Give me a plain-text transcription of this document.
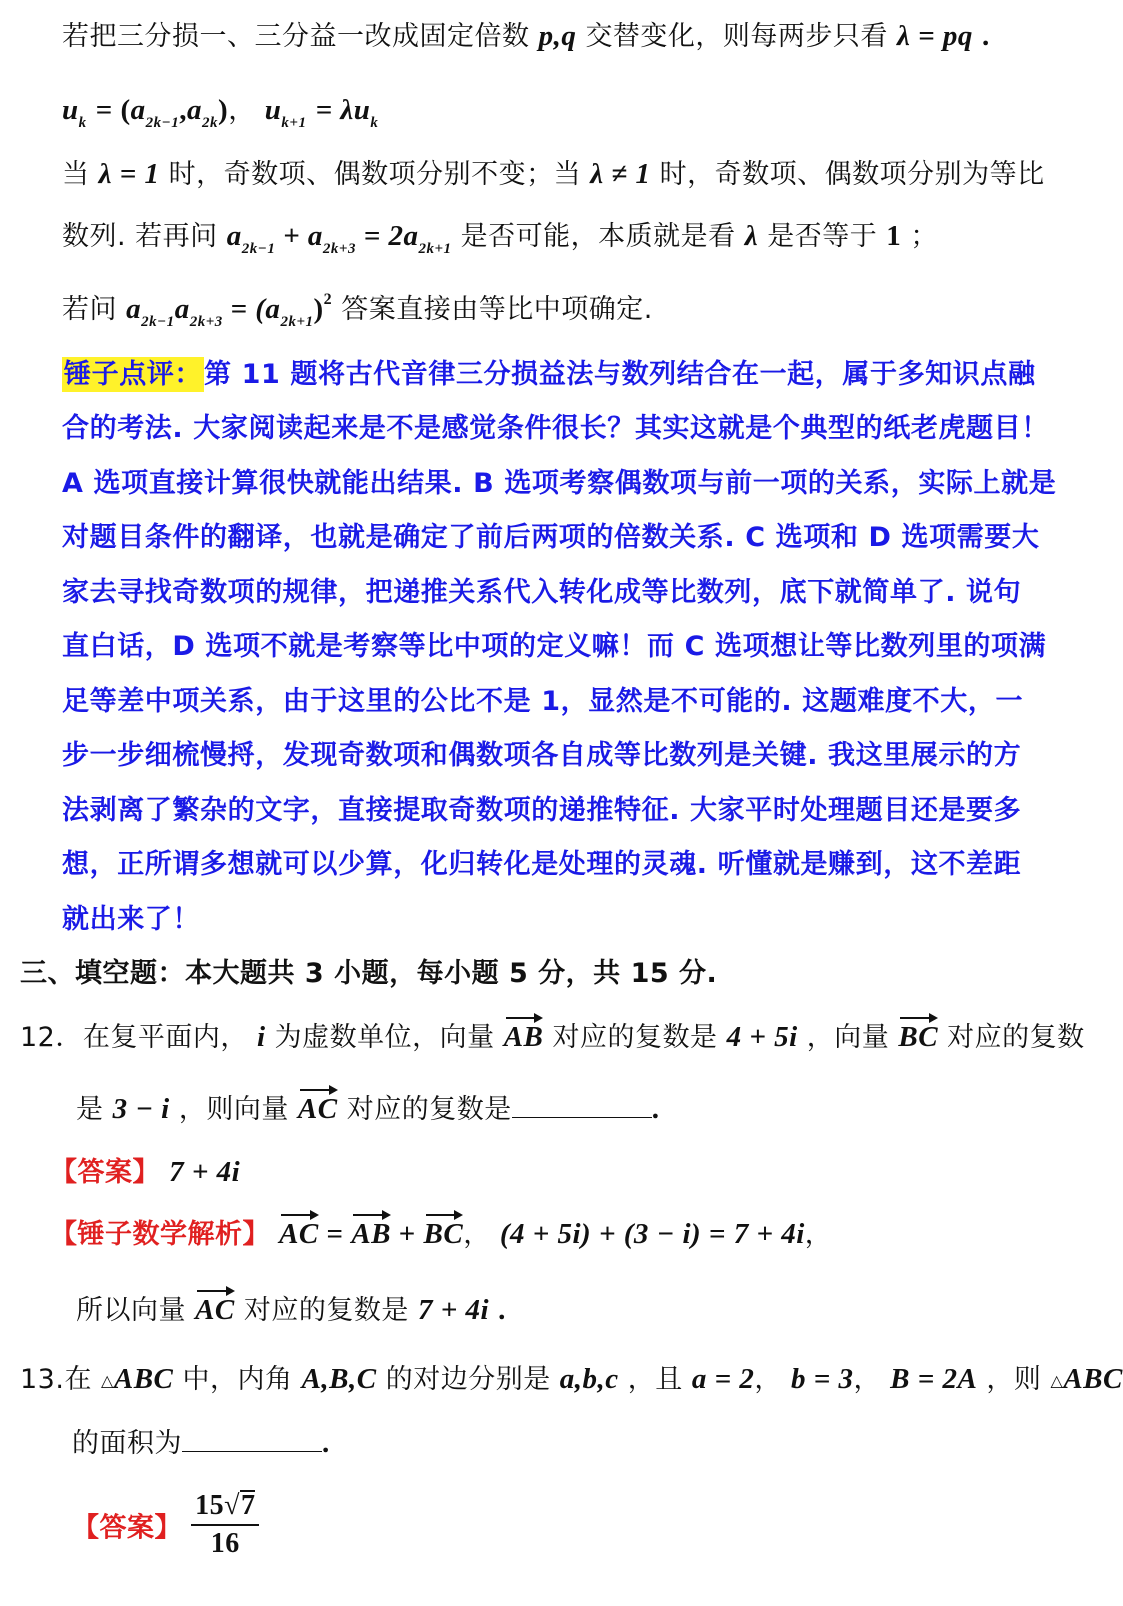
若把三分损一、三分益一改成固定倍数 p,q 交替变化，则每两步只看 λ = pq .
$u_k = (a_{2k-1},a_{2k})$， $u_{k+1} = \lambda u_k$
当 λ = 1 时，奇数项、偶数项分别不变；当 λ ≠ 1 时，奇数项、偶数项分别为等比
数列. 若再问 $a_{2k-1} + a_{2k+3} = 2a_{2k+1}$ 是否可能，本质就是看 λ 是否等于 1 ；
若问 $a_{2k-1}a_{2k+3} = (a_{2k+1})^2$ 答案直接由等比中项确定.
锤子点评：第 11 题将古代音律三分损益法与数列结合在一起，属于多知识点融
合的考法. 大家阅读起来是不是感觉条件很长？其实这就是个典型的纸老虎题目！
A 选项直接计算很快就能出结果. B 选项考察偶数项与前一项的关系，实际上就是
对题目条件的翻译，也就是确定了前后两项的倍数关系. C 选项和 D 选项需要大
家去寻找奇数项的规律，把递推关系代入转化成等比数列，底下就简单了. 说句
直白话，D 选项不就是考察等比中项的定义嘛！而 C 选项想让等比数列里的项满
足等差中项关系，由于这里的公比不是 1，显然是不可能的. 这题难度不大，一
步一步细梳慢捋，发现奇数项和偶数项各自成等比数列是关键. 我这里展示的方
法剥离了繁杂的文字，直接提取奇数项的递推特征. 大家平时处理题目还是要多
想，正所谓多想就可以少算，化归转化是处理的灵魂. 听懂就是赚到，这不差距
就出来了！
三、填空题：本大题共 3 小题，每小题 5 分，共 15 分.
12．在复平面内， i 为虚数单位，向量 AB 对应的复数是 4 + 5i ，向量 BC 对应的复数
是 3 − i ，则向量 AC 对应的复数是	.
【答案】 7 + 4i
【锤子数学解析】 AC = AB + BC， (4 + 5i) + (3 − i) = 7 + 4i，
所以向量 AC 对应的复数是 7 + 4i .
13.在 △ABC 中，内角 A,B,C 的对边分别是 a,b,c ，且 a = 2， b = 3， B = 2A ，则 △ABC
的面积为	.
【答案】 $\frac{15√7}{16}$
